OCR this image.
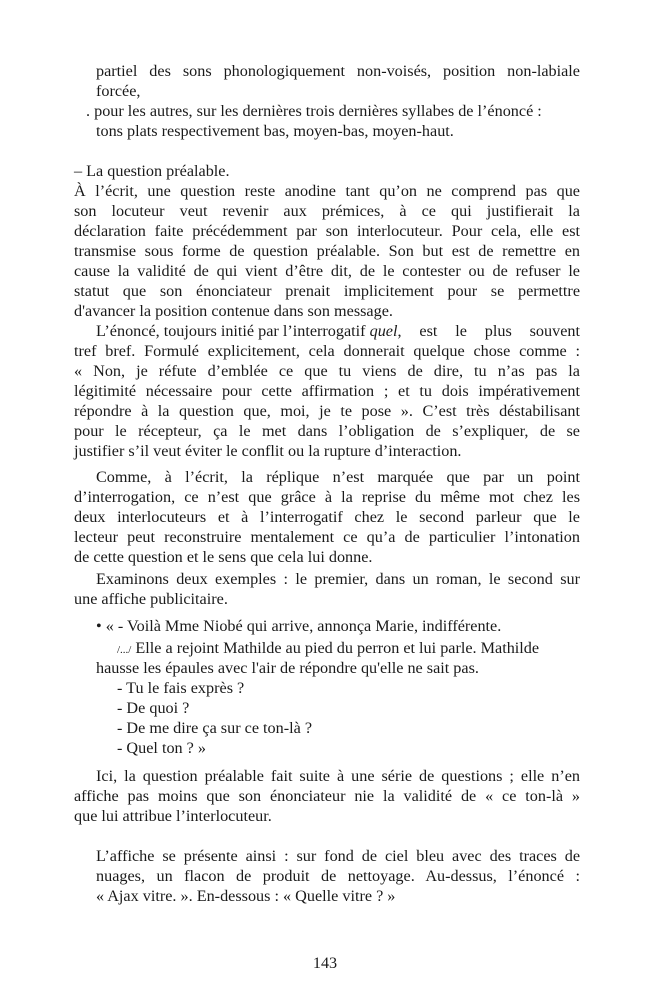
partiel des sons phonologiquement non-voisés, position non-labiale
forcée,
. pour les autres, sur les dernières trois dernières syllabes de l’énoncé :
tons plats respectivement bas, moyen-bas, moyen-haut.
– La question préalable.
À l’écrit, une question reste anodine tant qu’on ne comprend pas que
son locuteur veut revenir aux prémices, à ce qui justifierait la
déclaration faite précédemment par son interlocuteur. Pour cela, elle est
transmise sous forme de question préalable. Son but est de remettre en
cause la validité de qui vient d’être dit, de le contester ou de refuser le
statut que son énonciateur prenait implicitement pour se permettre
d'avancer la position contenue dans son message.
L’énoncé, toujours initié par l’interrogatif quel , est le plus souvent
tref bref. Formulé explicitement, cela donnerait quelque chose comme :
« Non, je réfute d’emblée ce que tu viens de dire, tu n’as pas la
légitimité nécessaire pour cette affirmation ; et tu dois impérativement
répondre à la question que, moi, je te pose ». C’est très déstabilisant
pour le récepteur, ça le met dans l’obligation de s’expliquer, de se
justifier s’il veut éviter le conflit ou la rupture d’interaction.
Comme, à l’écrit, la réplique n’est marquée que par un point
d’interrogation, ce n’est que grâce à la reprise du même mot chez les
deux interlocuteurs et à l’interrogatif chez le second parleur que le
lecteur peut reconstruire mentalement ce qu’a de particulier l’intonation
de cette question et le sens que cela lui donne.
Examinons deux exemples : le premier, dans un roman, le second sur
une affiche publicitaire.
• « - Voilà Mme Niobé qui arrive, annonça Marie, indifférente.
/.../ Elle a rejoint Mathilde au pied du perron et lui parle. Mathilde
hausse les épaules avec l'air de répondre qu'elle ne sait pas.
- Tu le fais exprès ?
- De quoi ?
- De me dire ça sur ce ton-là ?
- Quel ton ? »
Ici, la question préalable fait suite à une série de questions ; elle n’en
affiche pas moins que son énonciateur nie la validité de « ce ton-là »
que lui attribue l’interlocuteur.
L’affiche se présente ainsi : sur fond de ciel bleu avec des traces de
nuages, un flacon de produit de nettoyage. Au-dessus, l’énoncé :
« Ajax vitre. ». En-dessous : « Quelle vitre ? »
143
